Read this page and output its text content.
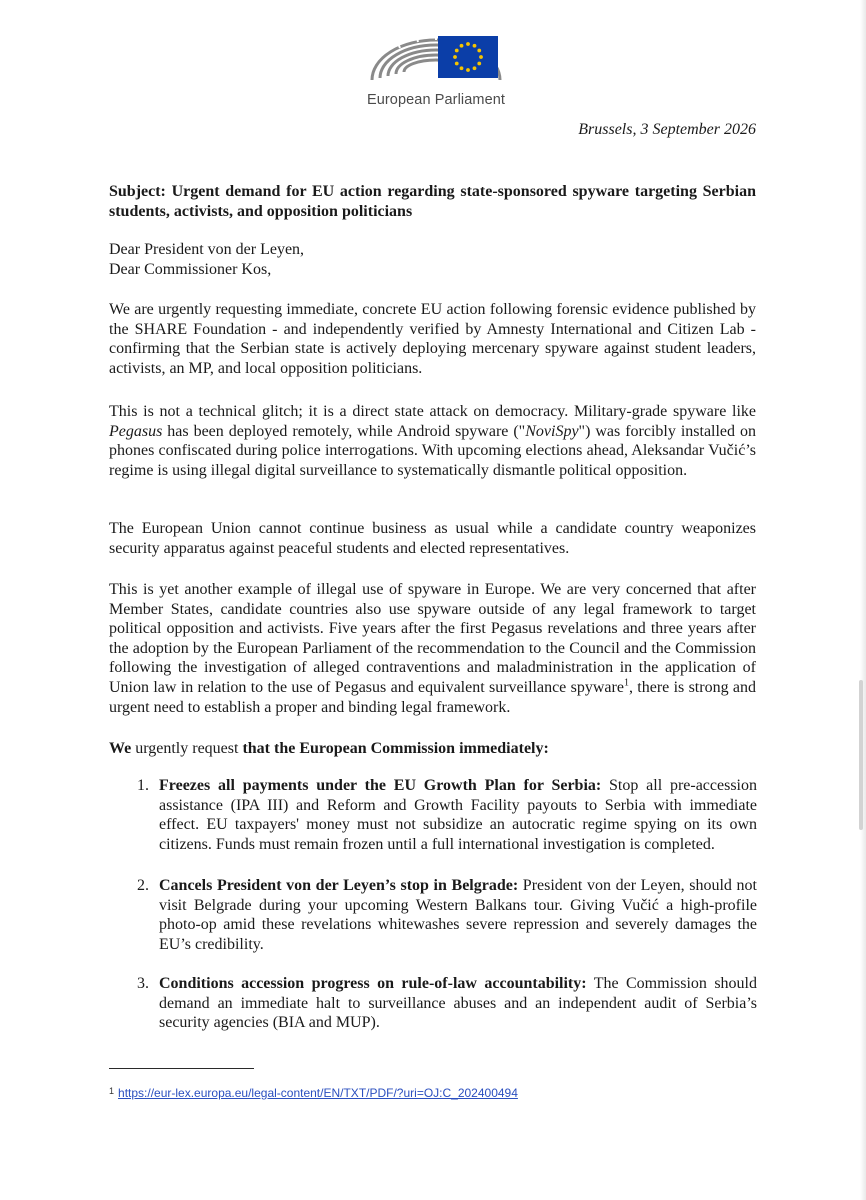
European Parliament
Brussels, 3 September 2026

Subject: Urgent demand for EU action regarding state-sponsored spyware targeting Serbian students, activists, and opposition politicians

Dear President von der Leyen,
Dear Commissioner Kos,

We are urgently requesting immediate, concrete EU action following forensic evidence published by the SHARE Foundation - and independently verified by Amnesty International and Citizen Lab - confirming that the Serbian state is actively deploying mercenary spyware against student leaders, activists, an MP, and local opposition politicians.

This is not a technical glitch; it is a direct state attack on democracy. Military-grade spyware like Pegasus has been deployed remotely, while Android spyware ("NoviSpy") was forcibly installed on phones confiscated during police interrogations. With upcoming elections ahead, Aleksandar Vučić’s regime is using illegal digital surveillance to systematically dismantle political opposition.

The European Union cannot continue business as usual while a candidate country weaponizes security apparatus against peaceful students and elected representatives.

This is yet another example of illegal use of spyware in Europe. We are very concerned that after Member States, candidate countries also use spyware outside of any legal framework to target political opposition and activists. Five years after the first Pegasus revelations and three years after the adoption by the European Parliament of the recommendation to the Council and the Commission following the investigation of alleged contraventions and maladministration in the application of Union law in relation to the use of Pegasus and equivalent surveillance spyware$^1$, there is strong and urgent need to establish a proper and binding legal framework.

We urgently request that the European Commission immediately:

1. Freezes all payments under the EU Growth Plan for Serbia: Stop all pre-accession assistance (IPA III) and Reform and Growth Facility payouts to Serbia with immediate effect. EU taxpayers' money must not subsidize an autocratic regime spying on its own citizens. Funds must remain frozen until a full international investigation is completed.
2. Cancels President von der Leyen’s stop in Belgrade: President von der Leyen, should not visit Belgrade during your upcoming Western Balkans tour. Giving Vučić a high-profile photo-op amid these revelations whitewashes severe repression and severely damages the EU’s credibility.
3. Conditions accession progress on rule-of-law accountability: The Commission should demand an immediate halt to surveillance abuses and an independent audit of Serbia’s security agencies (BIA and MUP).
$^1$ https://eur-lex.europa.eu/legal-content/EN/TXT/PDF/?uri=OJ:C_202400494
